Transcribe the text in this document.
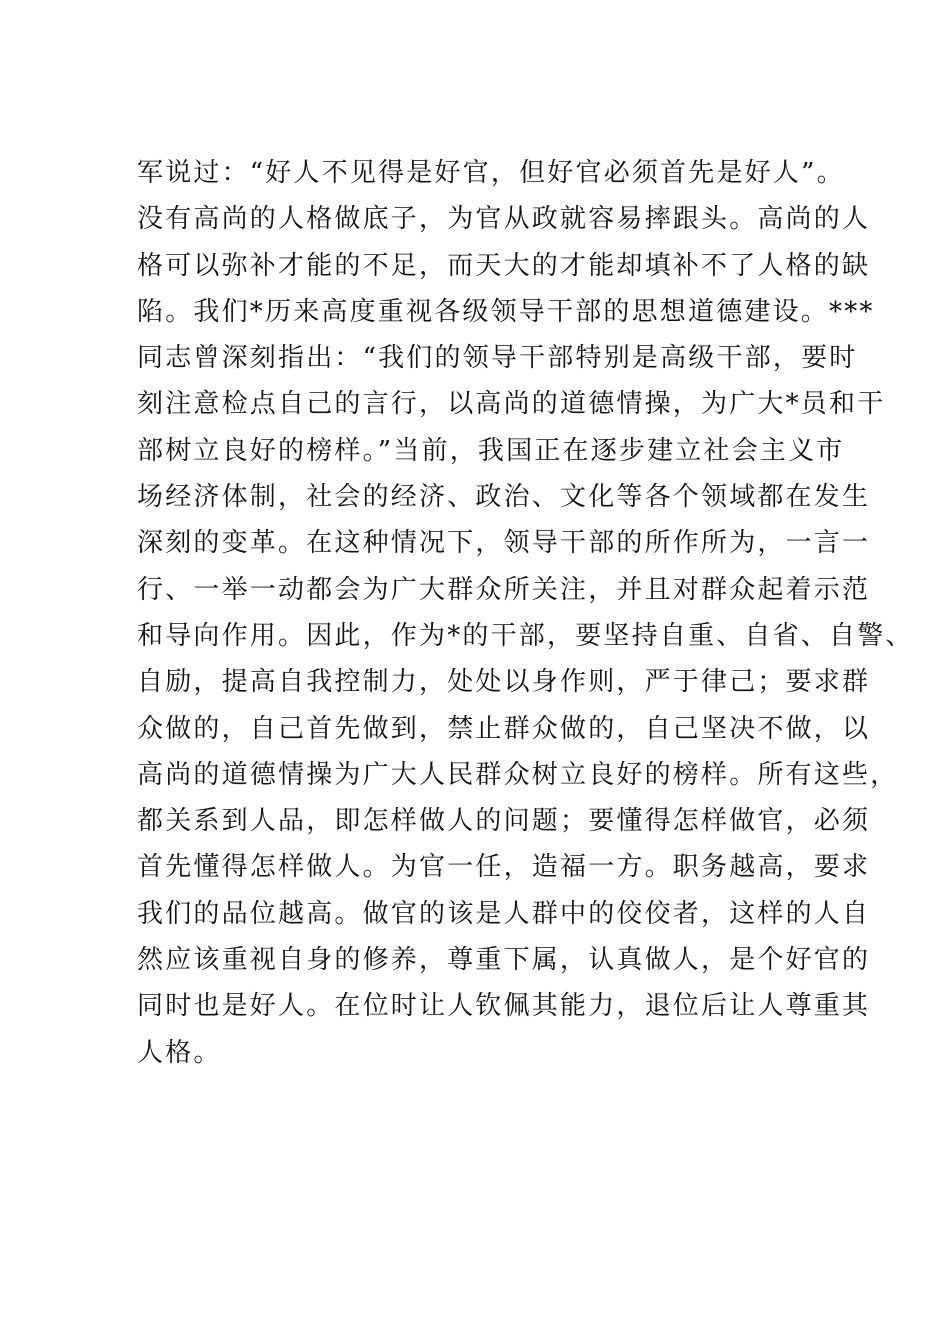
军说过：“好人不见得是好官，但好官必须首先是好人”。
没有高尚的人格做底子，为官从政就容易摔跟头。高尚的人
格可以弥补才能的不足，而天大的才能却填补不了人格的缺
陷。我们*历来高度重视各级领导干部的思想道德建设。***
同志曾深刻指出：“我们的领导干部特别是高级干部，要时
刻注意检点自己的言行，以高尚的道德情操，为广大*员和干
部树立良好的榜样。”当前，我国正在逐步建立社会主义市
场经济体制，社会的经济、政治、文化等各个领域都在发生
深刻的变革。在这种情况下，领导干部的所作所为，一言一
行、一举一动都会为广大群众所关注，并且对群众起着示范
和导向作用。因此，作为*的干部，要坚持自重、自省、自警、
自励，提高自我控制力，处处以身作则，严于律己；要求群
众做的，自己首先做到，禁止群众做的，自己坚决不做，以
高尚的道德情操为广大人民群众树立良好的榜样。所有这些，
都关系到人品，即怎样做人的问题；要懂得怎样做官，必须
首先懂得怎样做人。为官一任，造福一方。职务越高，要求
我们的品位越高。做官的该是人群中的佼佼者，这样的人自
然应该重视自身的修养，尊重下属，认真做人，是个好官的
同时也是好人。在位时让人钦佩其能力，退位后让人尊重其
人格。
